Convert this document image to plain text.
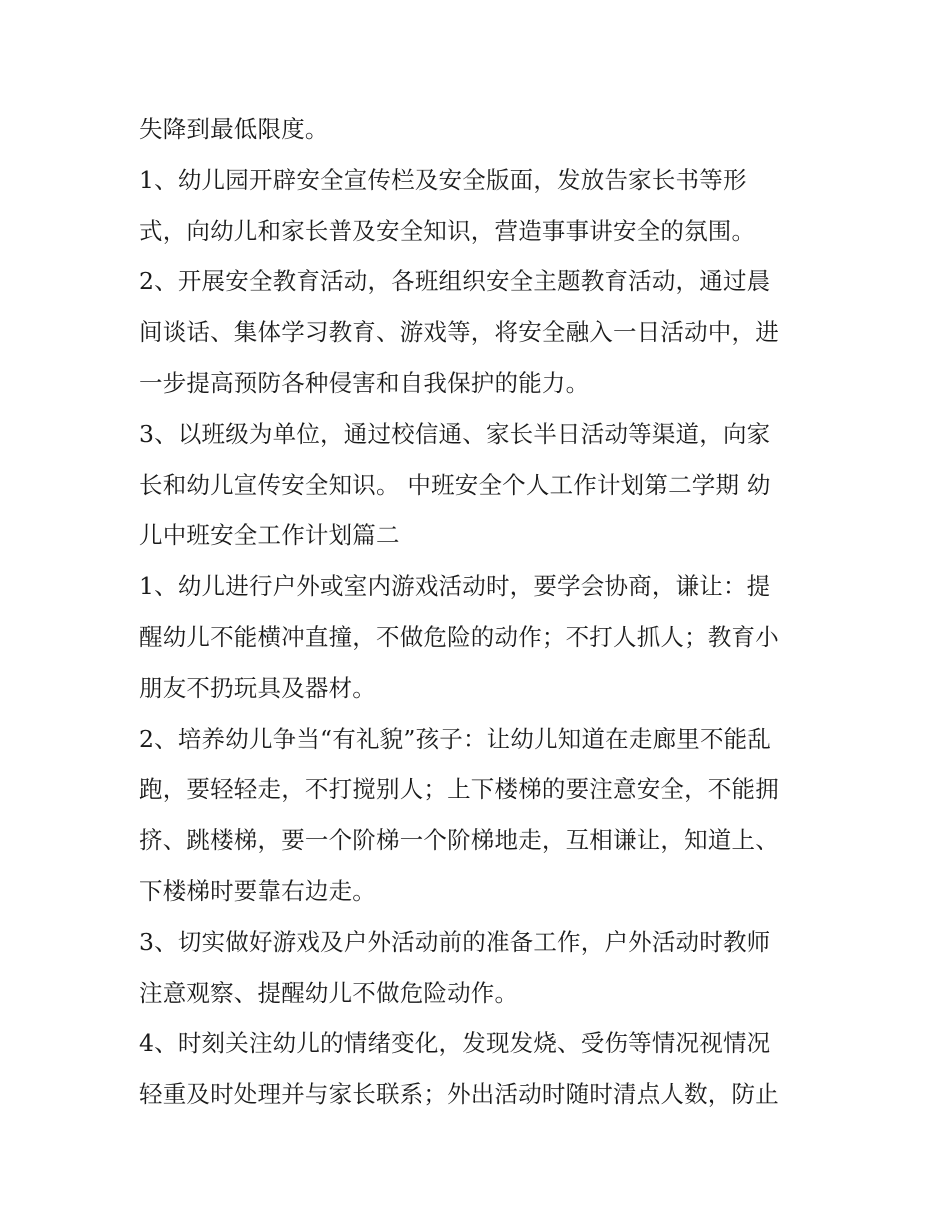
失降到最低限度。
1、幼儿园开辟安全宣传栏及安全版面，发放告家长书等形
式，向幼儿和家长普及安全知识，营造事事讲安全的氛围。
2、开展安全教育活动，各班组织安全主题教育活动，通过晨
间谈话、集体学习教育、游戏等，将安全融入一日活动中，进
一步提高预防各种侵害和自我保护的能力。
3、以班级为单位，通过校信通、家长半日活动等渠道，向家
长和幼儿宣传安全知识。 中班安全个人工作计划第二学期 幼
儿中班安全工作计划篇二
1、幼儿进行户外或室内游戏活动时，要学会协商，谦让：提
醒幼儿不能横冲直撞，不做危险的动作；不打人抓人；教育小
朋友不扔玩具及器材。
2、培养幼儿争当“有礼貌”孩子：让幼儿知道在走廊里不能乱
跑，要轻轻走，不打搅别人；上下楼梯的要注意安全，不能拥
挤、跳楼梯，要一个阶梯一个阶梯地走，互相谦让，知道上、
下楼梯时要靠右边走。
3、切实做好游戏及户外活动前的准备工作，户外活动时教师
注意观察、提醒幼儿不做危险动作。
4、时刻关注幼儿的情绪变化，发现发烧、受伤等情况视情况
轻重及时处理并与家长联系；外出活动时随时清点人数，防止
